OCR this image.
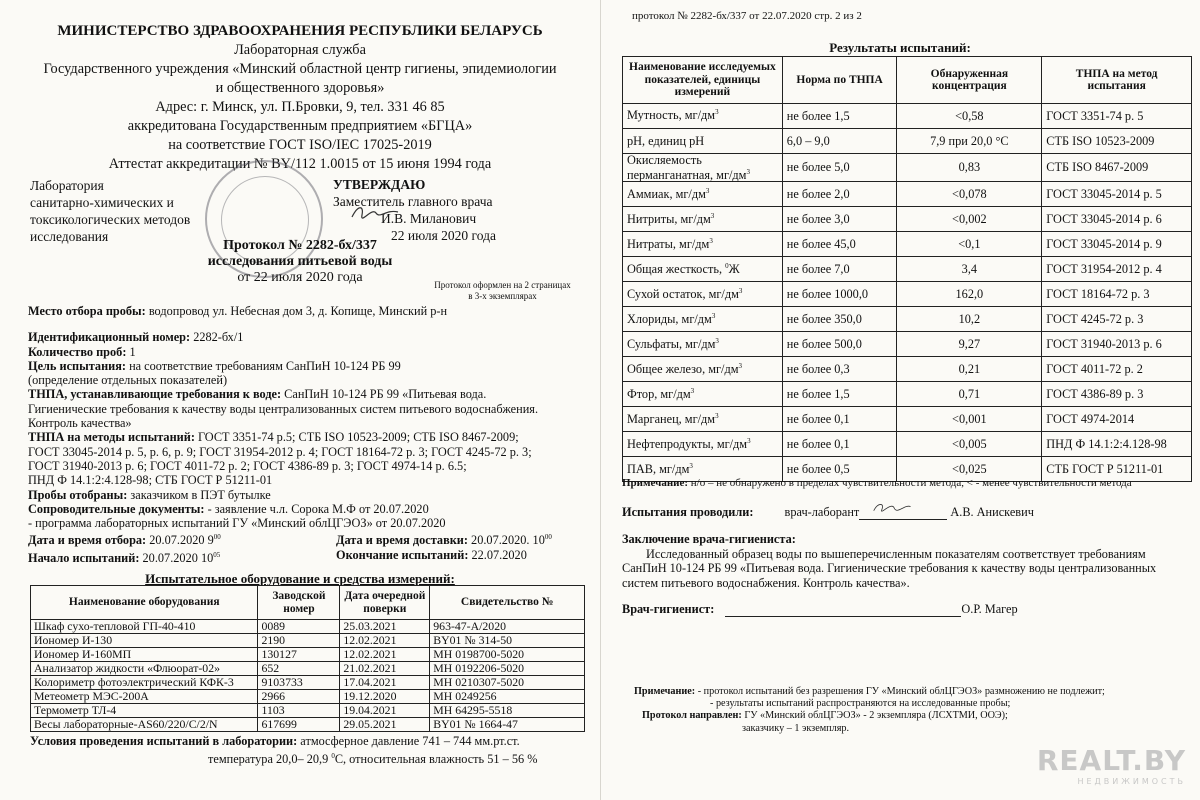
МИНИСТЕРСТВО ЗДРАВООХРАНЕНИЯ РЕСПУБЛИКИ БЕЛАРУСЬ
Лабораторная служба
Государственного учреждения «Минский областной центр гигиены, эпидемиологии
и общественного здоровья»
Адрес: г. Минск, ул. П.Бровки, 9, тел. 331 46 85
аккредитована Государственным предприятием «БГЦА»
на соответствие ГОСТ ISO/IEC 17025-2019
Аттестат аккредитации № BY/112 1.0015 от 15 июня 1994 года
Лаборатория
санитарно-химических и
токсикологических методов
исследования
УТВЕРЖДАЮ
Заместитель главного врача
И.В. Миланович
22 июля 2020 года
Протокол № 2282-бх/337
исследования питьевой воды
от 22 июля 2020 года	Протокол оформлен на 2 страницах
в 3-х экземплярах

Место отбора пробы: водопровод ул. Небесная дом 3, д. Копище, Минский р-н

Идентификационный номер: 2282-бх/1

Количество проб: 1

Цель испытания: на соответствие требованиям СанПиН 10-124 РБ 99

(определение отдельных показателей)

ТНПА, устанавливающие требования к воде: СанПиН 10-124 РБ 99 «Питьевая вода.

Гигиенические требования к качеству воды централизованных систем питьевого водоснабжения.

Контроль качества»

ТНПА на методы испытаний: ГОСТ 3351-74 р.5; СТБ ISO 10523-2009; СТБ ISO 8467-2009;

ГОСТ 33045-2014 р. 5, р. 6, р. 9; ГОСТ 31954-2012 р. 4; ГОСТ 18164-72 р. 3; ГОСТ 4245-72 р. 3;

ГОСТ 31940-2013 р. 6; ГОСТ 4011-72 р. 2; ГОСТ 4386-89 р. 3; ГОСТ 4974-14 р. 6.5;

ПНД Ф 14.1:2:4.128-98; СТБ ГОСТ Р 51211-01

Пробы отобраны: заказчиком в ПЭТ бутылке

Сопроводительные документы: - заявление ч.л. Сорока М.Ф от 20.07.2020

- программа лабораторных испытаний ГУ «Минский облЦГЭОЗ» от 20.07.2020

Дата и время отбора: 20.07.2020 $9^{00}$	Дата и время доставки: 20.07.2020. $10^{00}$

Начало испытаний: 20.07.2020 $10^{05}$	Окончание испытаний: 22.07.2020

Испытательное оборудование и средства измерений:
Наименование оборудования	Заводской номер	Дата очередной поверки	Свидетельство №
Шкаф сухо-тепловой ГП-40-410	0089	25.03.2021	963-47-А/2020
Иономер И-130	2190	12.02.2021	BY01 № 314-50
Иономер И-160МП	130127	12.02.2021	МН 0198700-5020
Анализатор жидкости «Флюорат-02»	652	21.02.2021	МН 0192206-5020
Колориметр фотоэлектрический КФК-3	9103733	17.04.2021	МН 0210307-5020
Метеометр МЭС-200А	2966	19.12.2020	МН 0249256
Термометр ТЛ-4	1103	19.04.2021	МН 64295-5518
Весы лабораторные-AS60/220/C/2/N	617699	29.05.2021	BY01 № 1664-47
Условия проведения испытаний в лаборатории: атмосферное давление 741 – 744 мм.рт.ст.
температура 20,0– 20,9 $^0$С, относительная влажность 51 – 56 %
протокол № 2282-бх/337 от 22.07.2020 стр. 2 из 2
Результаты испытаний:
Наименование исследуемых показателей, единицы измерений	Норма по ТНПА	Обнаруженная концентрация	ТНПА на метод испытания
Мутность, $мг/дм^3$	не более 1,5	<0,58	ГОСТ 3351-74 р. 5
рН, единиц рН	6,0 – 9,0	7,9 при 20,0 °С	СТБ ISO 10523-2009
Окисляемость перманганатная, $мг/дм^3$	не более 5,0	0,83	СТБ ISO 8467-2009
Аммиак, $мг/дм^3$	не более 2,0	<0,078	ГОСТ 33045-2014 р. 5
Нитриты, $мг/дм^3$	не более 3,0	<0,002	ГОСТ 33045-2014 р. 6
Нитраты, $мг/дм^3$	не более 45,0	<0,1	ГОСТ 33045-2014 р. 9
Общая жесткость, $^0$Ж	не более 7,0	3,4	ГОСТ 31954-2012 р. 4
Сухой остаток, $мг/дм^3$	не более 1000,0	162,0	ГОСТ 18164-72 р. 3
Хлориды, $мг/дм^3$	не более 350,0	10,2	ГОСТ 4245-72 р. 3
Сульфаты, $мг/дм^3$	не более 500,0	9,27	ГОСТ 31940-2013 р. 6
Общее железо, $мг/дм^3$	не более 0,3	0,21	ГОСТ 4011-72 р. 2
Фтор, $мг/дм^3$	не более 1,5	0,71	ГОСТ 4386-89 р. 3
Марганец, $мг/дм^3$	не более 0,1	<0,001	ГОСТ 4974-2014
Нефтепродукты, $мг/дм^3$	не более 0,1	<0,005	ПНД Ф 14.1:2:4.128-98
ПАВ, $мг/дм^3$	не более 0,5	<0,025	СТБ ГОСТ Р 51211-01
Примечание: н/о – не обнаружено в пределах чувствительности метода, < - менее чувствительности метода
Испытания проводили:	врач-лаборант	А.В. Анискевич
Заключение врача-гигиениста:
Исследованный образец воды по вышеперечисленным показателям соответствует требованиям
СанПиН 10-124 РБ 99 «Питьевая вода. Гигиенические требования к качеству воды централизованных
систем питьевого водоснабжения. Контроль качества».
Врач-гигиенист:	О.Р. Магер
Примечание: - протокол испытаний без разрешения ГУ «Минский облЦГЭОЗ» размножению не подлежит;
- результаты испытаний распространяются на исследованные пробы;
Протокол направлен: ГУ «Минский облЦГЭОЗ» - 2 экземпляра (ЛСХТМИ, ООЭ);
заказчику – 1 экземпляр.
REALT.BY
НЕДВИЖИМОСТЬ
